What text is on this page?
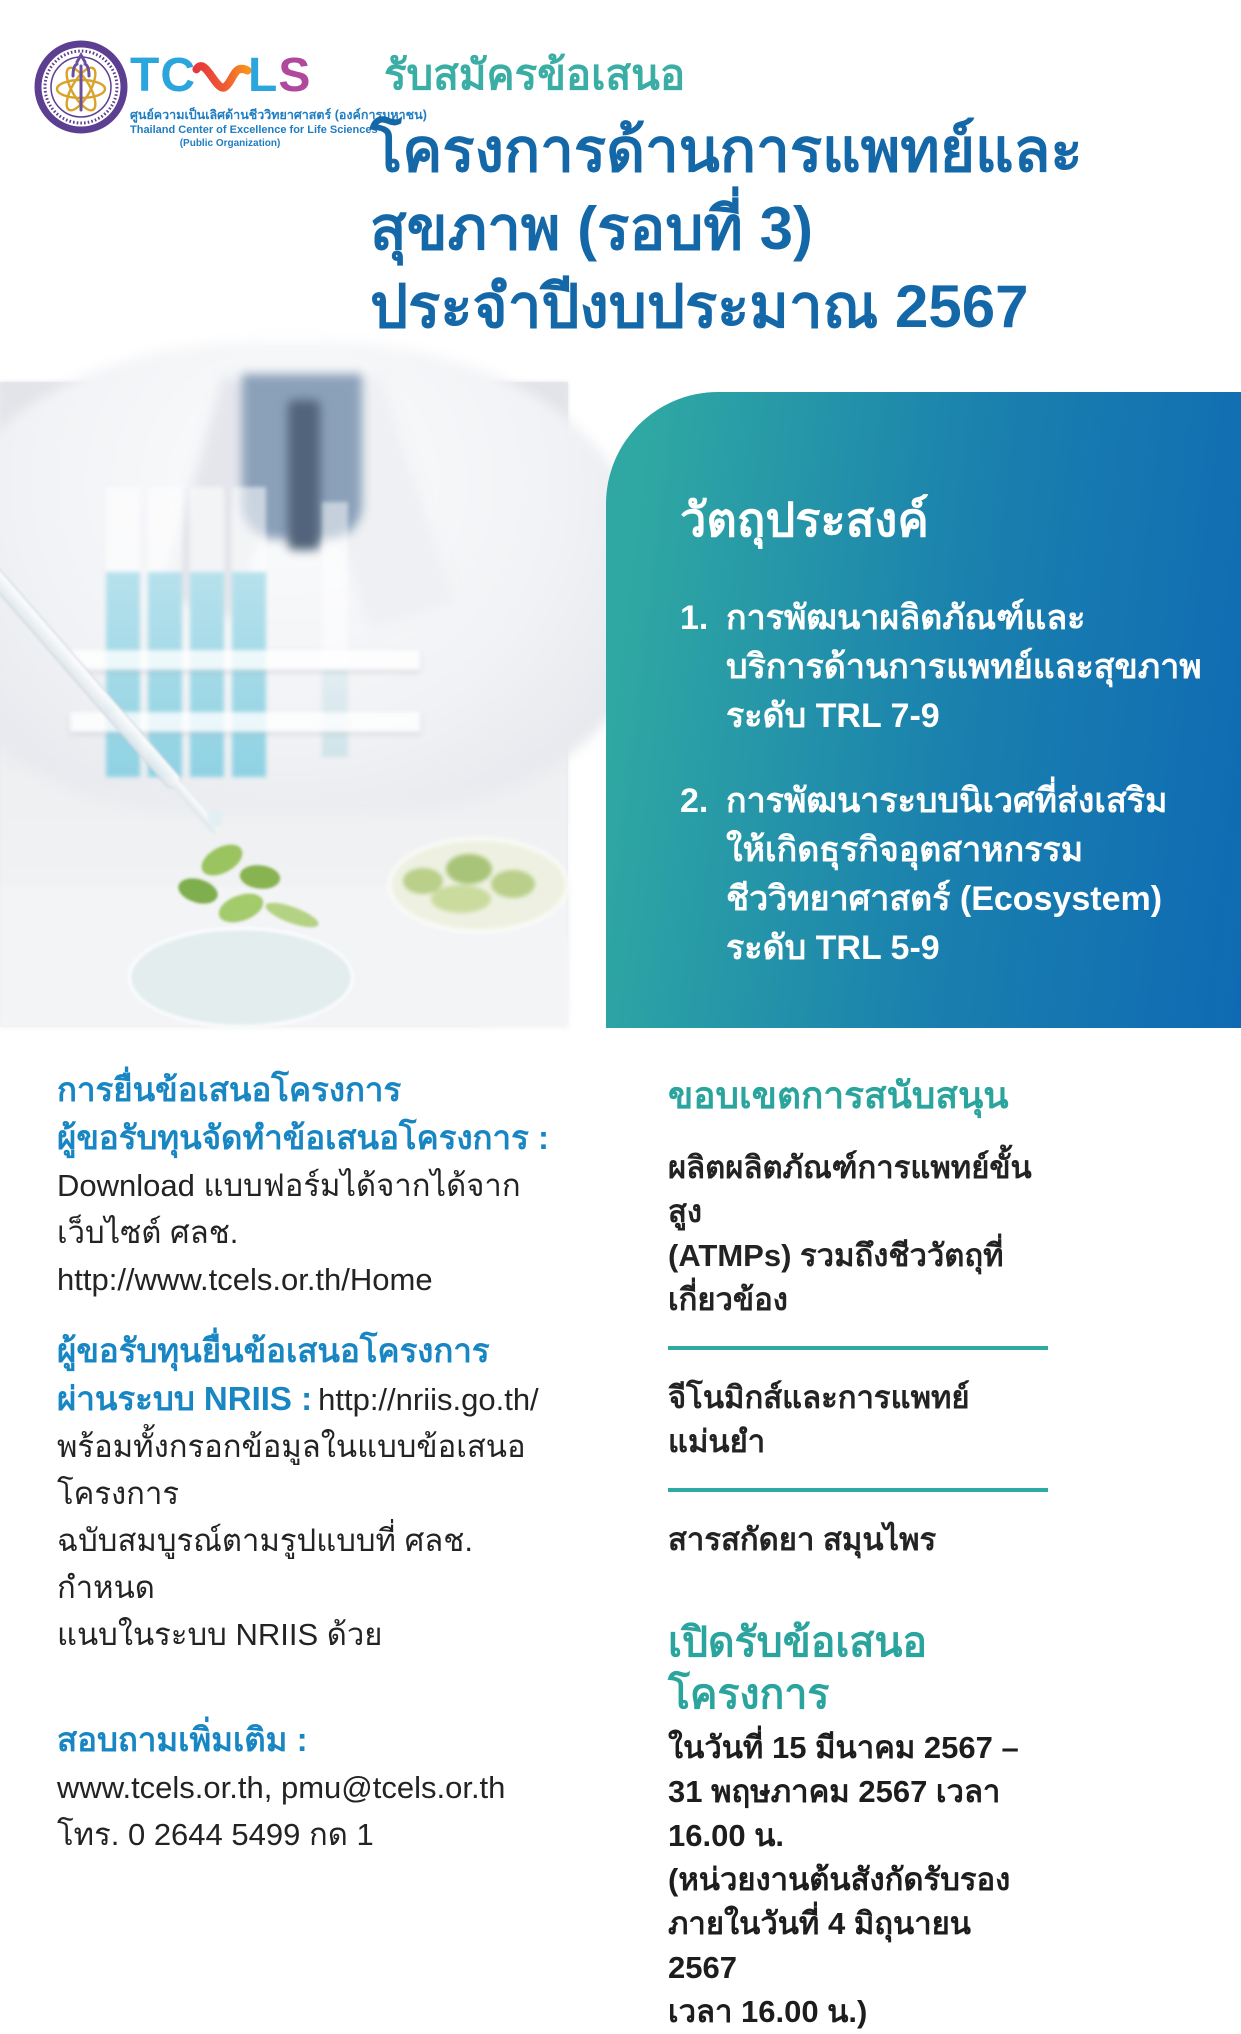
T C L S
ศูนย์ความเป็นเลิศด้านชีววิทยาศาสตร์ (องค์การมหาชน)
Thailand Center of Excellence for Life Sciences
(Public Organization)
รับสมัครข้อเสนอ
โครงการด้านการแพทย์และ
สุขภาพ (รอบที่ 3)
ประจำปีงบประมาณ 2567
วัตถุประสงค์
1. การพัฒนาผลิตภัณฑ์และ
บริการด้านการแพทย์และสุขภาพ
ระดับ TRL 7-9
2. การพัฒนาระบบนิเวศที่ส่งเสริม
ให้เกิดธุรกิจอุตสาหกรรม
ชีววิทยาศาสตร์ (Ecosystem)
ระดับ TRL 5-9
การยื่นข้อเสนอโครงการ
ผู้ขอรับทุนจัดทำข้อเสนอโครงการ :
Download แบบฟอร์มได้จากได้จากเว็บไซต์ ศลช.
http://www.tcels.or.th/Home
ผู้ขอรับทุนยื่นข้อเสนอโครงการ
ผ่านระบบ NRIIS : http://nriis.go.th/
พร้อมทั้งกรอกข้อมูลในแบบข้อเสนอโครงการ
ฉบับสมบูรณ์ตามรูปแบบที่ ศลช. กำหนด
แนบในระบบ NRIIS ด้วย
สอบถามเพิ่มเติม :
www.tcels.or.th, pmu@tcels.or.th
โทร. 0 2644 5499 กด 1
ขอบเขตการสนับสนุน
ผลิตผลิตภัณฑ์การแพทย์ขั้นสูง
(ATMPs) รวมถึงชีววัตถุที่เกี่ยวข้อง
จีโนมิกส์และการแพทย์แม่นยำ
สารสกัดยา สมุนไพร
เปิดรับข้อเสนอโครงการ
ในวันที่ 15 มีนาคม 2567 –
31 พฤษภาคม 2567 เวลา 16.00 น.
(หน่วยงานต้นสังกัดรับรอง
ภายในวันที่ 4 มิถุนายน 2567
เวลา 16.00 น.)
